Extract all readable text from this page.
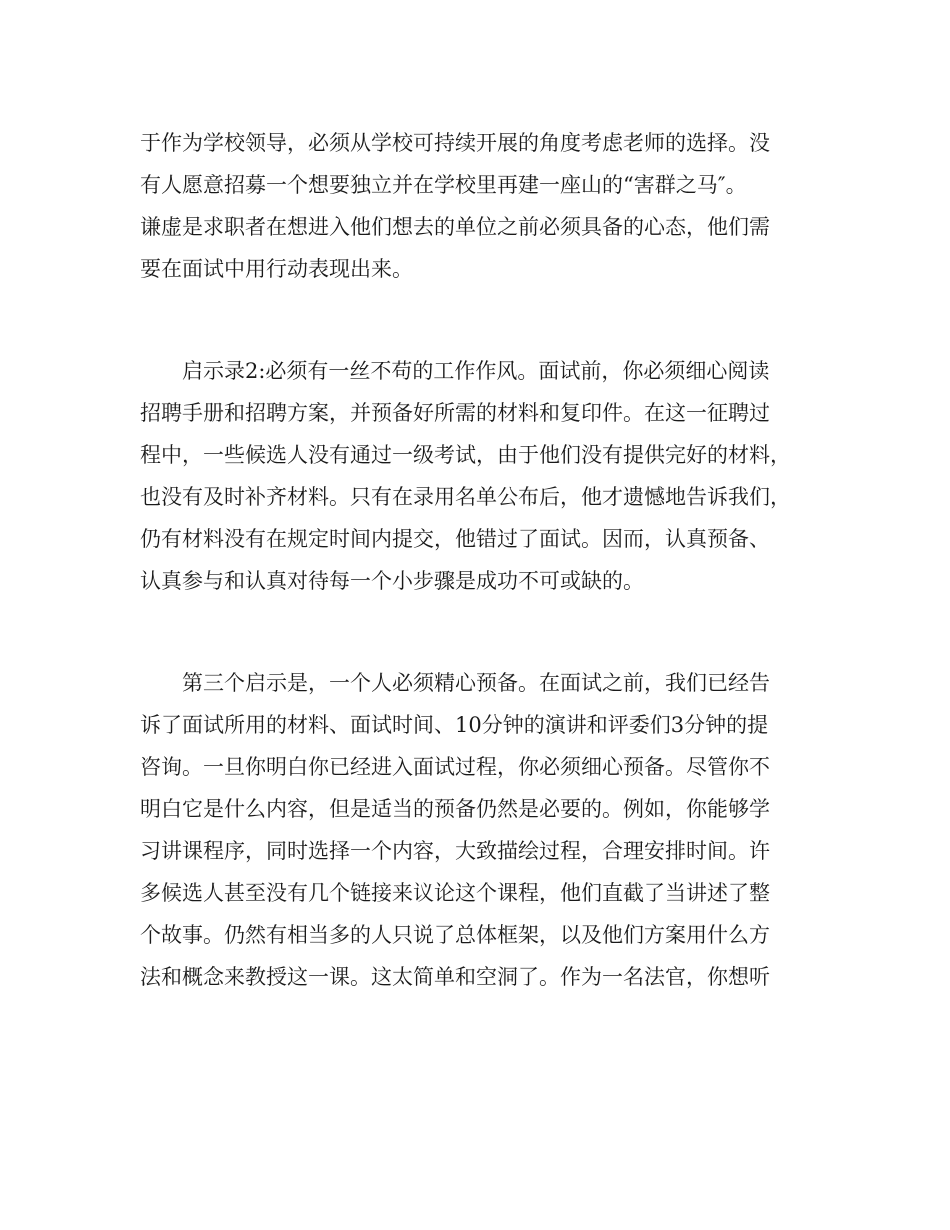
于作为学校领导，必须从学校可持续开展的角度考虑老师的选择。没
有人愿意招募一个想要独立并在学校里再建一座山的“害群之马″。
谦虚是求职者在想进入他们想去的单位之前必须具备的心态，他们需
要在面试中用行动表现出来。
　　启示录2:必须有一丝不苟的工作作风。面试前，你必须细心阅读
招聘手册和招聘方案，并预备好所需的材料和复印件。在这一征聘过
程中，一些候选人没有通过一级考试，由于他们没有提供完好的材料，
也没有及时补齐材料。只有在录用名单公布后，他才遗憾地告诉我们，
仍有材料没有在规定时间内提交，他错过了面试。因而，认真预备、
认真参与和认真对待每一个小步骤是成功不可或缺的。
　　第三个启示是，一个人必须精心预备。在面试之前，我们已经告
诉了面试所用的材料、面试时间、10分钟的演讲和评委们3分钟的提
咨询。一旦你明白你已经进入面试过程，你必须细心预备。尽管你不
明白它是什么内容，但是适当的预备仍然是必要的。例如，你能够学
习讲课程序，同时选择一个内容，大致描绘过程，合理安排时间。许
多候选人甚至没有几个链接来议论这个课程，他们直截了当讲述了整
个故事。仍然有相当多的人只说了总体框架，以及他们方案用什么方
法和概念来教授这一课。这太简单和空洞了。作为一名法官，你想听
